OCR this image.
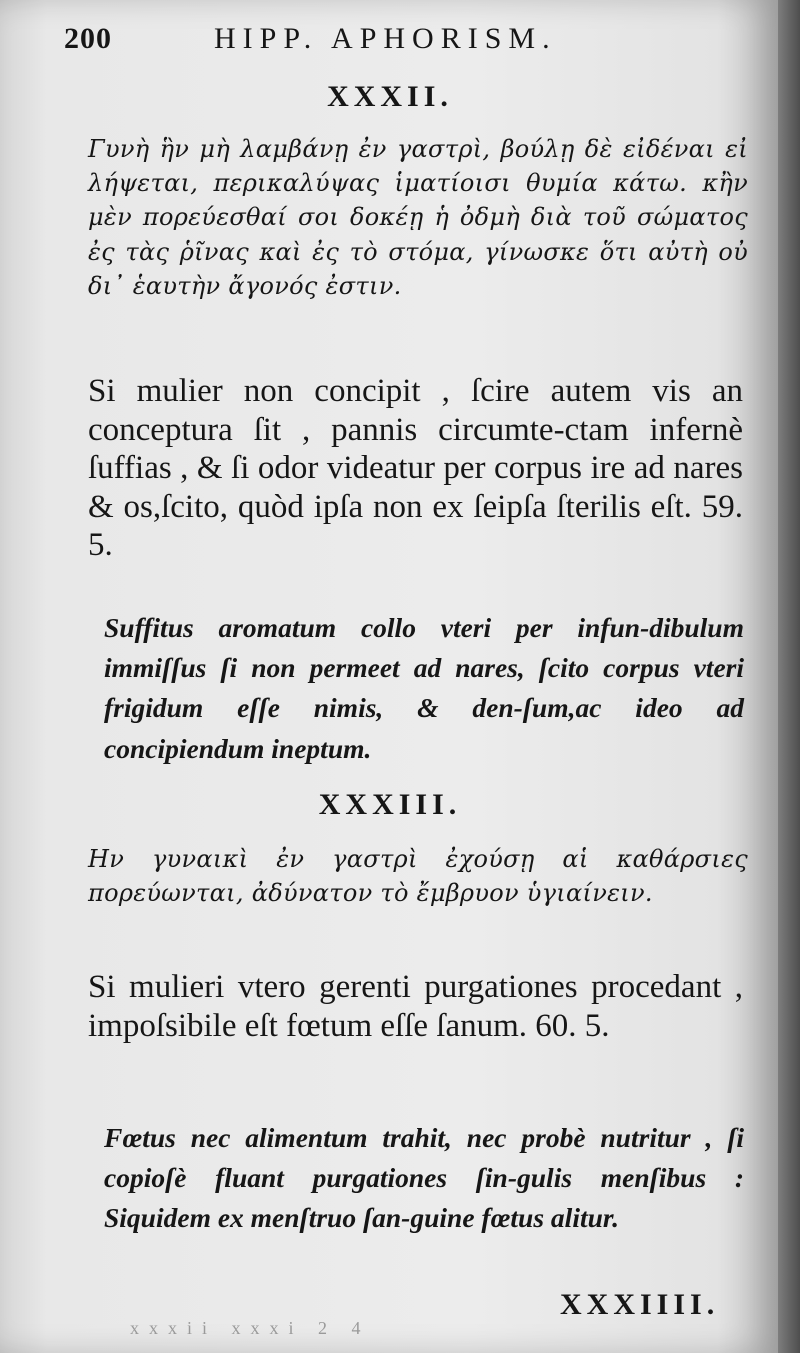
200	HIPP. APHORISM.
XXXII.
Γυνὴ ἣν μὴ λαμβάνῃ ἐν γαστρὶ, βούλῃ δὲ εἰδέναι εἰ λήψεται, περικαλύψας ἱματίοισι θυμία κάτω. κἢν μὲν πορεύεσθαί σοι δοκέῃ ἡ ὀδμὴ διὰ τοῦ σώματος ἐς τὰς ῥῖνας καὶ ἐς τὸ στόμα, γίνωσκε ὅτι αὐτὴ οὐ δι᾽ ἑαυτὴν ἄγονός ἐστιν.
Si mulier non concipit , ſcire autem vis an conceptura ſit , pannis circumte-ctam infernè ſuffias , & ſi odor videatur per corpus ire ad nares & os,ſcito, quòd ipſa non ex ſeipſa ſterilis eſt. 59. 5.
Suffitus aromatum collo vteri per infun-dibulum immiſſus ſi non permeet ad nares, ſcito corpus vteri frigidum eſſe nimis, & den-ſum,ac ideo ad concipiendum ineptum.
XXXIII.
Ην γυναικὶ ἐν γαστρὶ ἐχούσῃ αἱ καθάρσιες πορεύωνται, ἀδύνατον τὸ ἔμβρυον ὑγιαίνειν.
Si mulieri vtero gerenti purgationes procedant , impoſsibile eſt fœtum eſſe ſanum. 60. 5.
Fœtus nec alimentum trahit, nec probè nutritur , ſi copioſè fluant purgationes ſin-gulis menſibus : Siquidem ex menſtruo ſan-guine fœtus alitur.
XXXIIII.
xxxii xxxi 2 4
